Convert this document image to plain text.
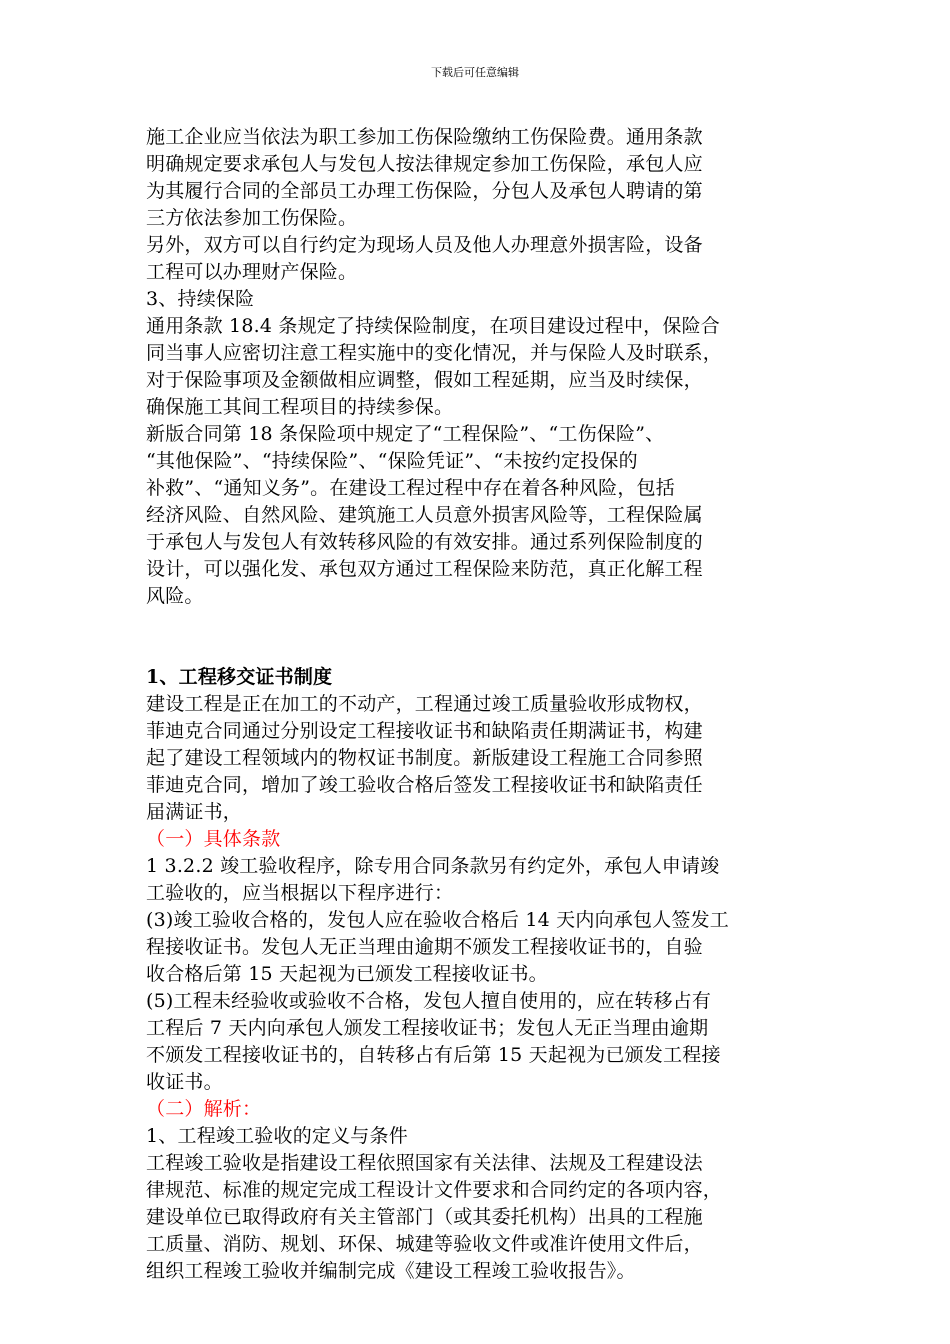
下载后可任意编辑
施工企业应当依法为职工参加工伤保险缴纳工伤保险费。通用条款
明确规定要求承包人与发包人按法律规定参加工伤保险，承包人应
为其履行合同的全部员工办理工伤保险，分包人及承包人聘请的第
三方依法参加工伤保险。
另外，双方可以自行约定为现场人员及他人办理意外损害险，设备
工程可以办理财产保险。
3、持续保险
通用条款 18.4 条规定了持续保险制度，在项目建设过程中，保险合
同当事人应密切注意工程实施中的变化情况，并与保险人及时联系，
对于保险事项及金额做相应调整，假如工程延期，应当及时续保，
确保施工其间工程项目的持续参保。
新版合同第 18 条保险项中规定了“工程保险”、“工伤保险”、
“其他保险”、“持续保险”、“保险凭证”、“未按约定投保的
补救”、“通知义务”。在建设工程过程中存在着各种风险，包括
经济风险、自然风险、建筑施工人员意外损害风险等，工程保险属
于承包人与发包人有效转移风险的有效安排。通过系列保险制度的
设计，可以强化发、承包双方通过工程保险来防范，真正化解工程
风险。
1、工程移交证书制度
建设工程是正在加工的不动产，工程通过竣工质量验收形成物权，
菲迪克合同通过分别设定工程接收证书和缺陷责任期满证书，构建
起了建设工程领域内的物权证书制度。新版建设工程施工合同参照
菲迪克合同，增加了竣工验收合格后签发工程接收证书和缺陷责任
届满证书，
（一）具体条款
1 3.2.2 竣工验收程序，除专用合同条款另有约定外，承包人申请竣
工验收的，应当根据以下程序进行：
(3)竣工验收合格的，发包人应在验收合格后 14 天内向承包人签发工
程接收证书。发包人无正当理由逾期不颁发工程接收证书的，自验
收合格后第 15 天起视为已颁发工程接收证书。
(5)工程未经验收或验收不合格，发包人擅自使用的，应在转移占有
工程后 7 天内向承包人颁发工程接收证书；发包人无正当理由逾期
不颁发工程接收证书的，自转移占有后第 15 天起视为已颁发工程接
收证书。
（二）解析：
1、工程竣工验收的定义与条件
工程竣工验收是指建设工程依照国家有关法律、法规及工程建设法
律规范、标准的规定完成工程设计文件要求和合同约定的各项内容，
建设单位已取得政府有关主管部门（或其委托机构）出具的工程施
工质量、消防、规划、环保、城建等验收文件或准许使用文件后，
组织工程竣工验收并编制完成《建设工程竣工验收报告》。
